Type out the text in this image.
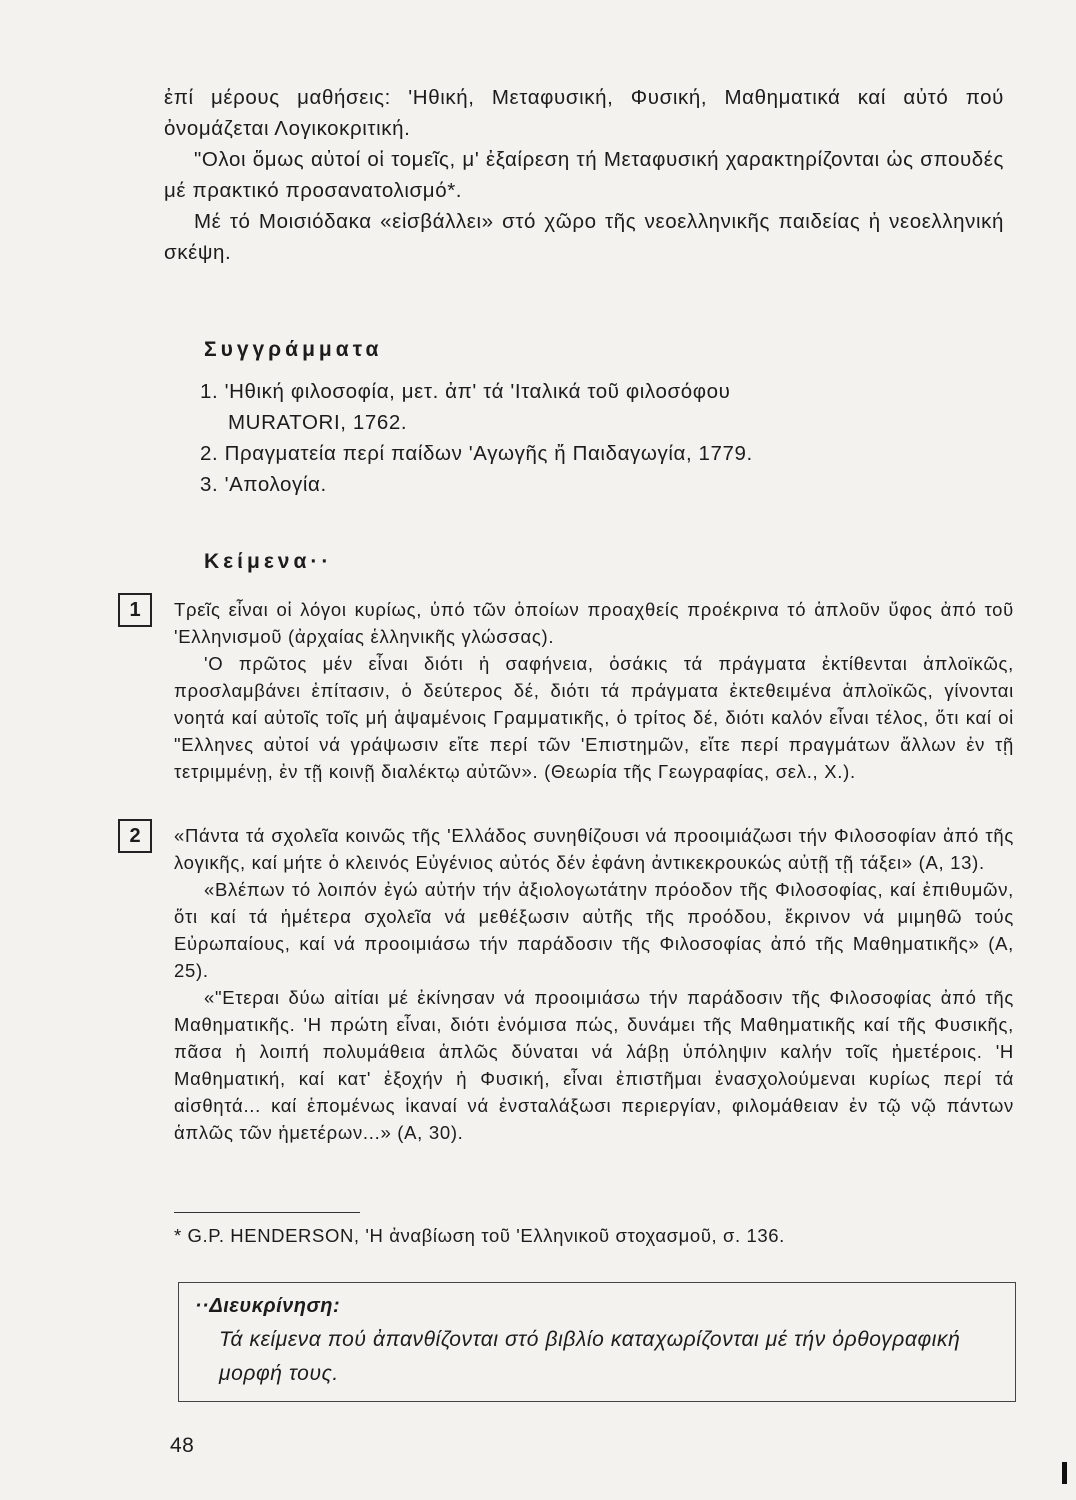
ἐπί μέρους μαθήσεις: 'Ηθική, Μεταφυσική, Φυσική, Μαθηματικά καί αὐτό πού ὀνομάζεται Λογικοκριτική.

"Ολοι ὅμως αὐτοί οἱ τομεῖς, μ' ἐξαίρεση τή Μεταφυσική χαρακτηρίζονται ὡς σπουδές μέ πρακτικό προσανατολισμό*.

Μέ τό Μοισιόδακα «εἰσβάλλει» στό χῶρο τῆς νεοελληνικῆς παιδείας ἡ νεοελληνική σκέψη.

Συγγράμματα
1. 'Ηθική φιλοσοφία, μετ. ἀπ' τά 'Ιταλικά τοῦ φιλοσόφου
MURATORI, 1762.
2. Πραγματεία περί παίδων 'Αγωγῆς ἤ Παιδαγωγία, 1779.
3. 'Απολογία.
Κείμενα··
1	Τρεῖς εἶναι οἱ λόγοι κυρίως, ὑπό τῶν ὁποίων προαχθείς προέκρινα τό ἁπλοῦν ὕφος ἀπό τοῦ 'Ελληνισμοῦ (ἀρχαίας ἑλληνικῆς γλώσσας).

'Ο πρῶτος μέν εἶναι διότι ἡ σαφήνεια, ὁσάκις τά πράγματα ἐκτίθενται ἁπλοϊκῶς, προσλαμβάνει ἐπίτασιν, ὁ δεύτερος δέ, διότι τά πράγματα ἐκτεθειμένα ἁπλοϊκῶς, γίνονται νοητά καί αὐτοῖς τοῖς μή ἁψαμένοις Γραμματικῆς, ὁ τρίτος δέ, διότι καλόν εἶναι τέλος, ὅτι καί οἱ "Ελληνες αὐτοί νά γράψωσιν εἴτε περί τῶν 'Επιστημῶν, εἴτε περί πραγμάτων ἄλλων ἐν τῇ τετριμμένῃ, ἐν τῇ κοινῇ διαλέκτῳ αὐτῶν». (Θεωρία τῆς Γεωγραφίας, σελ., Χ.).

2	«Πάντα τά σχολεῖα κοινῶς τῆς 'Ελλάδος συνηθίζουσι νά προοιμιάζωσι τήν Φιλοσοφίαν ἀπό τῆς λογικῆς, καί μήτε ὁ κλεινός Εὐγένιος αὐτός δέν ἐφάνη ἀντικεκρουκώς αὐτῇ τῇ τάξει» (Α, 13).

«Βλέπων τό λοιπόν ἐγώ αὐτήν τήν ἀξιολογωτάτην πρόοδον τῆς Φιλοσοφίας, καί ἐπιθυμῶν, ὅτι καί τά ἡμέτερα σχολεῖα νά μεθέξωσιν αὐτῆς τῆς προόδου, ἔκρινον νά μιμηθῶ τούς Εὐρωπαίους, καί νά προοιμιάσω τήν παράδοσιν τῆς Φιλοσοφίας ἀπό τῆς Μαθηματικῆς» (Α, 25).

«"Ετεραι δύω αἰτίαι μέ ἐκίνησαν νά προοιμιάσω τήν παράδοσιν τῆς Φιλοσοφίας ἀπό τῆς Μαθηματικῆς. 'Η πρώτη εἶναι, διότι ἐνόμισα πώς, δυνάμει τῆς Μαθηματικῆς καί τῆς Φυσικῆς, πᾶσα ἡ λοιπή πολυμάθεια ἁπλῶς δύναται νά λάβῃ ὑπόληψιν καλήν τοῖς ἡμετέροις. 'Η Μαθηματική, καί κατ' ἐξοχήν ἡ Φυσική, εἶναι ἐπιστῆμαι ἐνασχολούμεναι κυρίως περί τά αἰσθητά... καί ἑπομένως ἱκαναί νά ἐνσταλάξωσι περιεργίαν, φιλομάθειαν ἐν τῷ νῷ πάντων ἁπλῶς τῶν ἡμετέρων...» (Α, 30).

* G.P. HENDERSON, 'Η ἀναβίωση τοῦ 'Ελληνικοῦ στοχασμοῦ, σ. 136.
··Διευκρίνηση:
Τά κείμενα πού ἀπανθίζονται στό βιβλίο καταχωρίζονται μέ τήν ὀρθογραφική μορφή τους.
48
